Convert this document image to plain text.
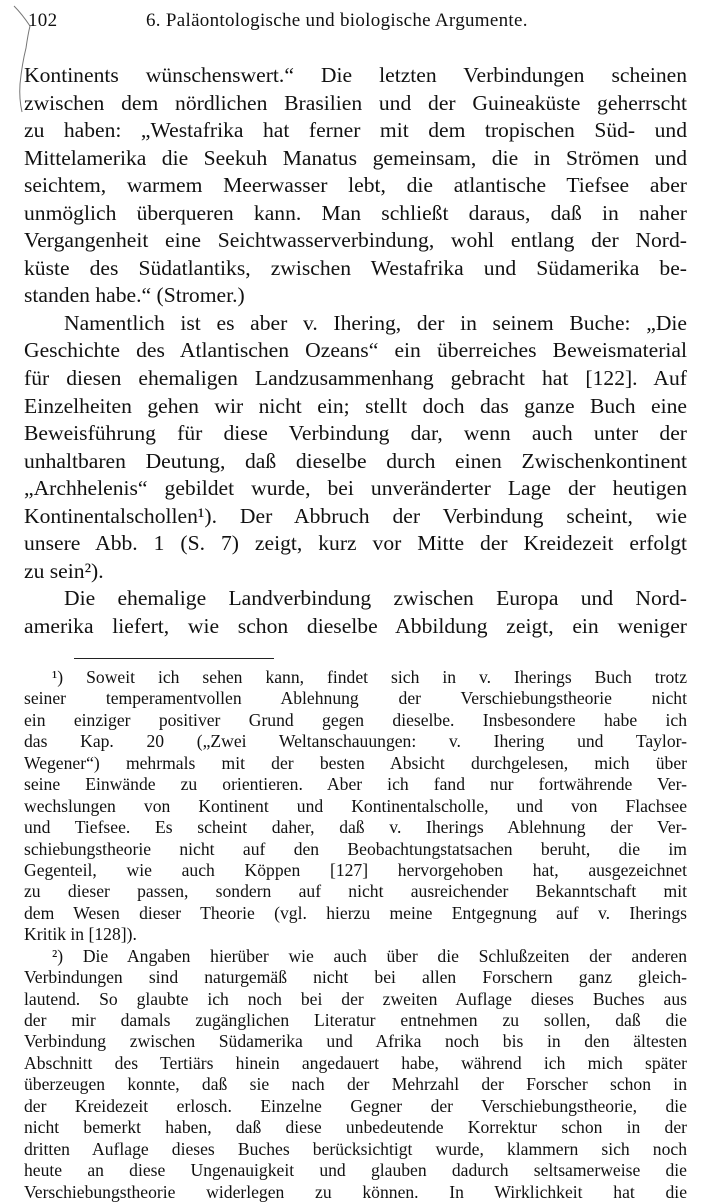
102	6. Paläontologische und biologische Argumente.
Kontinents wünschenswert.“ Die letzten Verbindungen scheinen
zwischen dem nördlichen Brasilien und der Guineaküste geherrscht
zu haben: „Westafrika hat ferner mit dem tropischen Süd- und
Mittelamerika die Seekuh Manatus gemeinsam, die in Strömen und
seichtem, warmem Meerwasser lebt, die atlantische Tiefsee aber
unmöglich überqueren kann. Man schließt daraus, daß in naher
Vergangenheit eine Seichtwasserverbindung, wohl entlang der Nord-
küste des Südatlantiks, zwischen Westafrika und Südamerika be-
standen habe.“ (Stromer.)
Namentlich ist es aber v. Ihering, der in seinem Buche: „Die
Geschichte des Atlantischen Ozeans“ ein überreiches Beweismaterial
für diesen ehemaligen Landzusammenhang gebracht hat [122]. Auf
Einzelheiten gehen wir nicht ein; stellt doch das ganze Buch eine
Beweisführung für diese Verbindung dar, wenn auch unter der
unhaltbaren Deutung, daß dieselbe durch einen Zwischenkontinent
„Archhelenis“ gebildet wurde, bei unveränderter Lage der heutigen
Kontinentalschollen¹). Der Abbruch der Verbindung scheint, wie
unsere Abb. 1 (S. 7) zeigt, kurz vor Mitte der Kreidezeit erfolgt
zu sein²).
Die ehemalige Landverbindung zwischen Europa und Nord-
amerika liefert, wie schon dieselbe Abbildung zeigt, ein weniger
¹) Soweit ich sehen kann, findet sich in v. Iherings Buch trotz
seiner temperamentvollen Ablehnung der Verschiebungstheorie nicht
ein einziger positiver Grund gegen dieselbe. Insbesondere habe ich
das Kap. 20 („Zwei Weltanschauungen: v. Ihering und Taylor-
Wegener“) mehrmals mit der besten Absicht durchgelesen, mich über
seine Einwände zu orientieren. Aber ich fand nur fortwährende Ver-
wechslungen von Kontinent und Kontinentalscholle, und von Flachsee
und Tiefsee. Es scheint daher, daß v. Iherings Ablehnung der Ver-
schiebungstheorie nicht auf den Beobachtungstatsachen beruht, die im
Gegenteil, wie auch Köppen [127] hervorgehoben hat, ausgezeichnet
zu dieser passen, sondern auf nicht ausreichender Bekanntschaft mit
dem Wesen dieser Theorie (vgl. hierzu meine Entgegnung auf v. Iherings
Kritik in [128]).
²) Die Angaben hierüber wie auch über die Schlußzeiten der anderen
Verbindungen sind naturgemäß nicht bei allen Forschern ganz gleich-
lautend. So glaubte ich noch bei der zweiten Auflage dieses Buches aus
der mir damals zugänglichen Literatur entnehmen zu sollen, daß die
Verbindung zwischen Südamerika und Afrika noch bis in den ältesten
Abschnitt des Tertiärs hinein angedauert habe, während ich mich später
überzeugen konnte, daß sie nach der Mehrzahl der Forscher schon in
der Kreidezeit erlosch. Einzelne Gegner der Verschiebungstheorie, die
nicht bemerkt haben, daß diese unbedeutende Korrektur schon in der
dritten Auflage dieses Buches berücksichtigt wurde, klammern sich noch
heute an diese Ungenauigkeit und glauben dadurch seltsamerweise die
Verschiebungstheorie widerlegen zu können. In Wirklichkeit hat die
